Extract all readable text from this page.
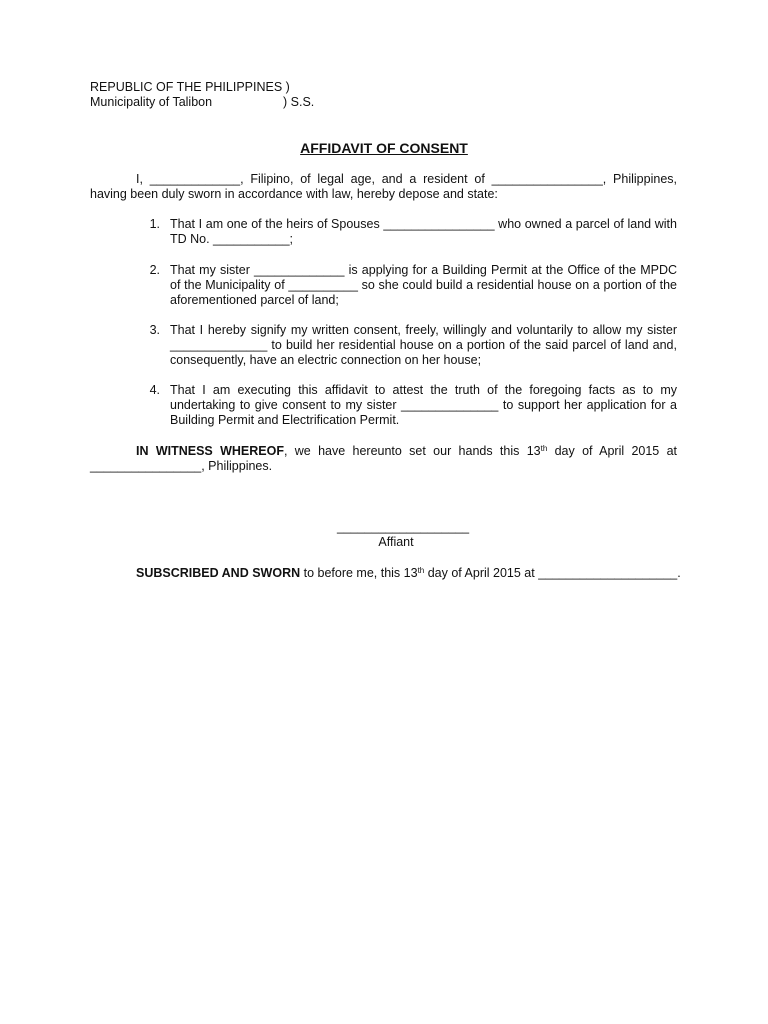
REPUBLIC OF THE PHILIPPINES )
Municipality of Talibon	) S.S.
AFFIDAVIT OF CONSENT
I, _____________, Filipino, of legal age, and a resident of ________________, Philippines, having been duly sworn in accordance with law, hereby depose and state:
1. That I am one of the heirs of Spouses ________________ who owned a parcel of land with TD No. ___________;
2. That my sister _____________ is applying for a Building Permit at the Office of the MPDC of the Municipality of __________ so she could build a residential house on a portion of the aforementioned parcel of land;
3. That I hereby signify my written consent, freely, willingly and voluntarily to allow my sister ______________ to build her residential house on a portion of the said parcel of land and, consequently, have an electric connection on her house;
4. That I am executing this affidavit to attest the truth of the foregoing facts as to my undertaking to give consent to my sister ______________ to support her application for a Building Permit and Electrification Permit.
IN WITNESS WHEREOF, we have hereunto set our hands this 13th day of April 2015 at ________________, Philippines.
___________________
Affiant
SUBSCRIBED AND SWORN to before me, this 13th day of April 2015 at ____________________.
